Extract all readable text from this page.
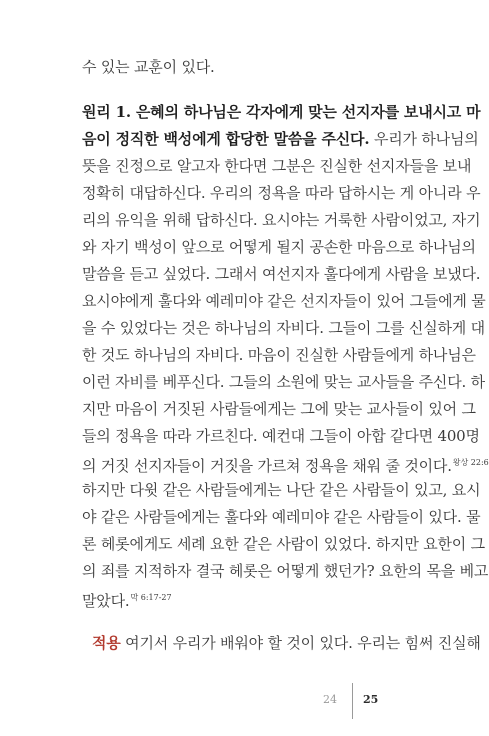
수 있는 교훈이 있다.
원리 1. 은혜의 하나님은 각자에게 맞는 선지자를 보내시고 마
음이 정직한 백성에게 합당한 말씀을 주신다. 우리가 하나님의
뜻을 진정으로 알고자 한다면 그분은 진실한 선지자들을 보내
정확히 대답하신다. 우리의 정욕을 따라 답하시는 게 아니라 우
리의 유익을 위해 답하신다. 요시야는 거룩한 사람이었고, 자기
와 자기 백성이 앞으로 어떻게 될지 공손한 마음으로 하나님의
말씀을 듣고 싶었다. 그래서 여선지자 훌다에게 사람을 보냈다.
요시야에게 훌다와 예레미야 같은 선지자들이 있어 그들에게 물
을 수 있었다는 것은 하나님의 자비다. 그들이 그를 신실하게 대
한 것도 하나님의 자비다. 마음이 진실한 사람들에게 하나님은
이런 자비를 베푸신다. 그들의 소원에 맞는 교사들을 주신다. 하
지만 마음이 거짓된 사람들에게는 그에 맞는 교사들이 있어 그
들의 정욕을 따라 가르친다. 예컨대 그들이 아합 같다면 400명
의 거짓 선지자들이 거짓을 가르쳐 정욕을 채워 줄 것이다.$^{왕상 22:6}$
하지만 다윗 같은 사람들에게는 나단 같은 사람들이 있고, 요시
야 같은 사람들에게는 훌다와 예레미야 같은 사람들이 있다. 물
론 헤롯에게도 세례 요한 같은 사람이 있었다. 하지만 요한이 그
의 죄를 지적하자 결국 헤롯은 어떻게 했던가? 요한의 목을 베고
말았다.$^{막 6:17-27}$
적용 여기서 우리가 배워야 할 것이 있다. 우리는 힘써 진실해
24 25
